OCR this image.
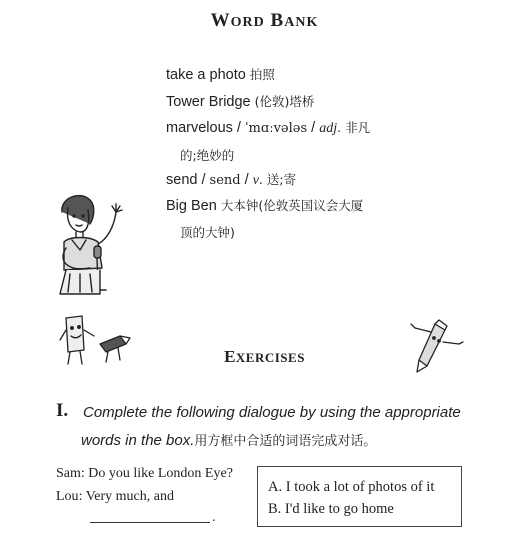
WORD BANK
take a photo 拍照
Tower Bridge (伦敦)塔桥
marvelous / ˈmɑːvələs / adj. 非凡
的;绝妙的
send / send / v. 送;寄
Big Ben 大本钟(伦敦英国议会大厦
顶的大钟)
EXERCISES
I. Complete the following dialogue by using the appropriate
words in the box.用方框中合适的词语完成对话。
Sam: Do you like London Eye?
Lou: Very much, and
.
A. I took a lot of photos of it
B. I'd like to go home
